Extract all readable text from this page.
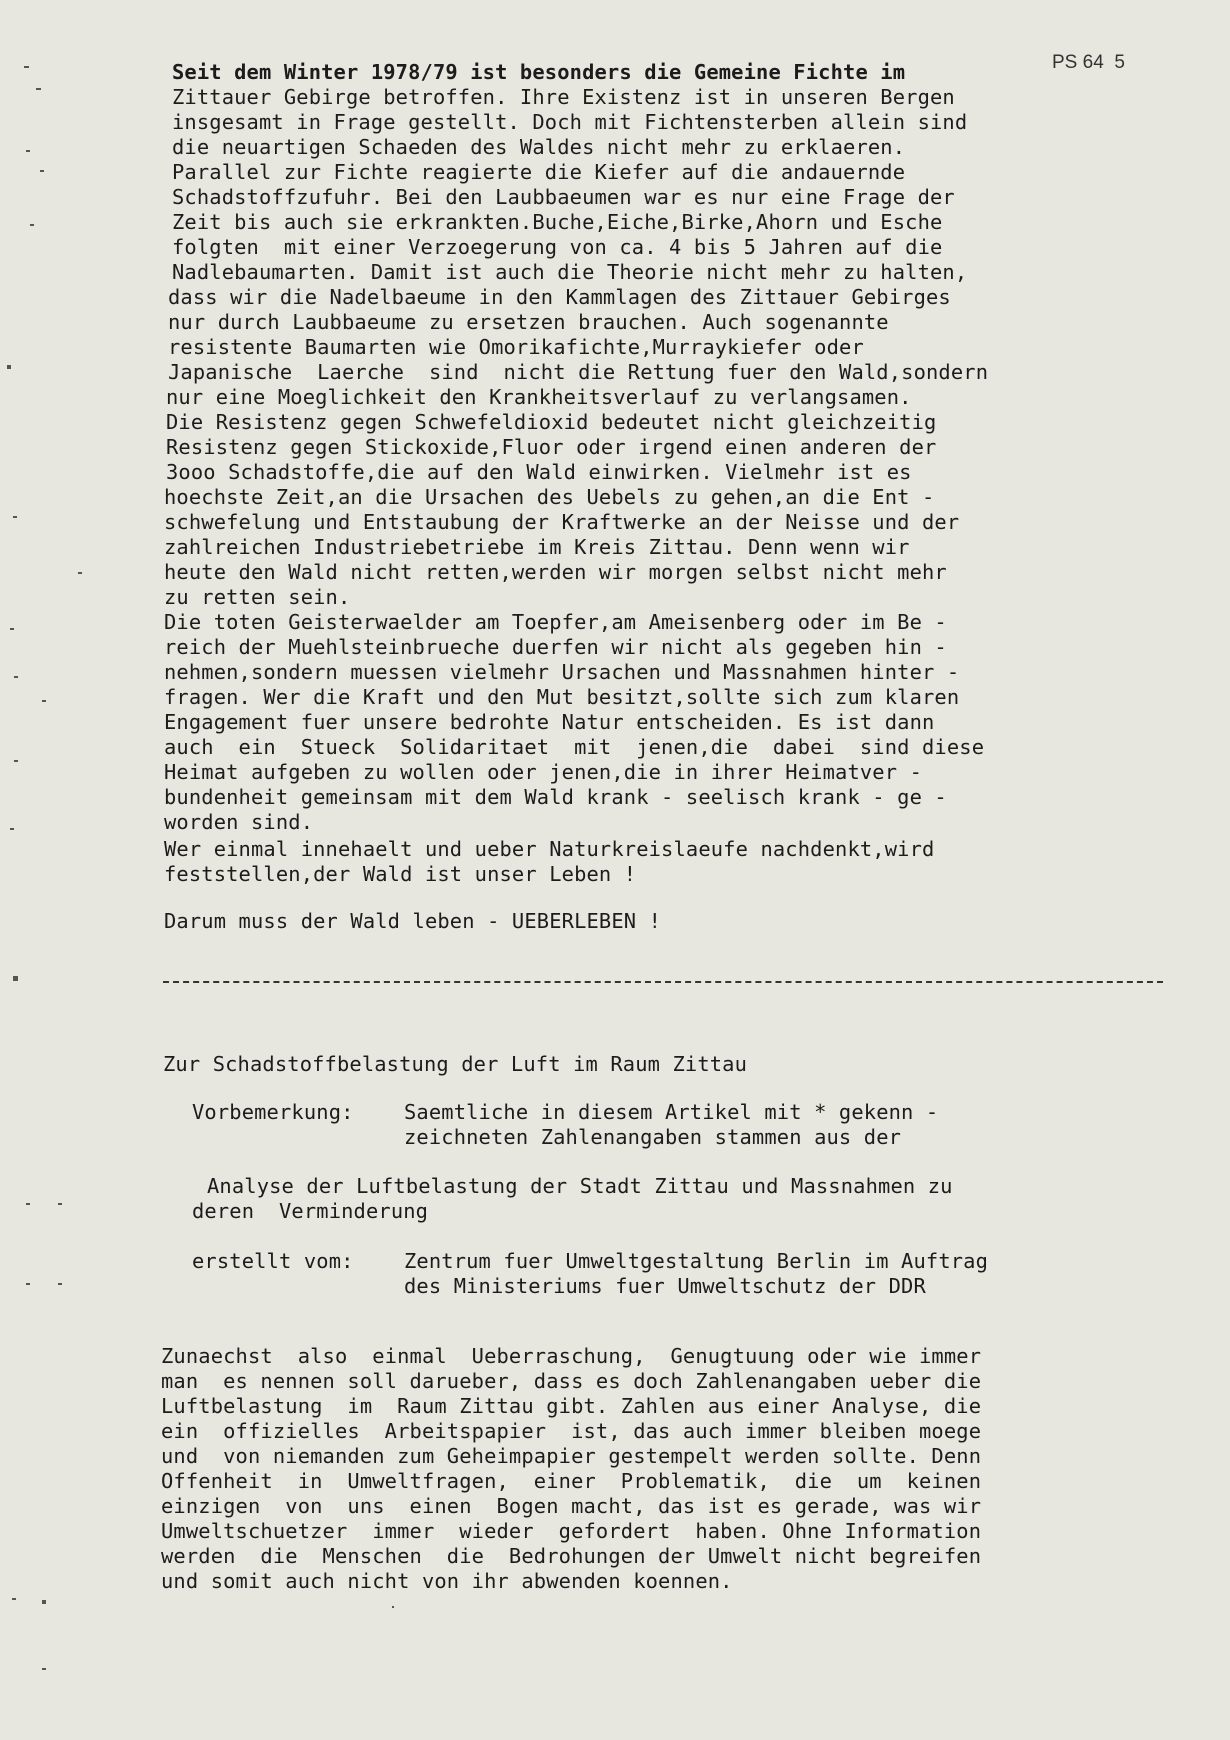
PS 64  5
Seit dem Winter 1978/79 ist besonders die Gemeine Fichte im
Zittauer Gebirge betroffen. Ihre Existenz ist in unseren Bergen
insgesamt in Frage gestellt. Doch mit Fichtensterben allein sind
die neuartigen Schaeden des Waldes nicht mehr zu erklaeren.
Parallel zur Fichte reagierte die Kiefer auf die andauernde
Schadstoffzufuhr. Bei den Laubbaeumen war es nur eine Frage der
Zeit bis auch sie erkrankten.Buche,Eiche,Birke,Ahorn und Esche
folgten  mit einer Verzoegerung von ca. 4 bis 5 Jahren auf die
Nadlebaumarten. Damit ist auch die Theorie nicht mehr zu halten,
dass wir die Nadelbaeume in den Kammlagen des Zittauer Gebirges
nur durch Laubbaeume zu ersetzen brauchen. Auch sogenannte
resistente Baumarten wie Omorikafichte,Murraykiefer oder
Japanische  Laerche  sind  nicht die Rettung fuer den Wald,sondern
nur eine Moeglichkeit den Krankheitsverlauf zu verlangsamen.
Die Resistenz gegen Schwefeldioxid bedeutet nicht gleichzeitig
Resistenz gegen Stickoxide,Fluor oder irgend einen anderen der
3ooo Schadstoffe,die auf den Wald einwirken. Vielmehr ist es
hoechste Zeit,an die Ursachen des Uebels zu gehen,an die Ent -
schwefelung und Entstaubung der Kraftwerke an der Neisse und der
zahlreichen Industriebetriebe im Kreis Zittau. Denn wenn wir
heute den Wald nicht retten,werden wir morgen selbst nicht mehr
zu retten sein.
Die toten Geisterwaelder am Toepfer,am Ameisenberg oder im Be -
reich der Muehlsteinbrueche duerfen wir nicht als gegeben hin -
nehmen,sondern muessen vielmehr Ursachen und Massnahmen hinter -
fragen. Wer die Kraft und den Mut besitzt,sollte sich zum klaren
Engagement fuer unsere bedrohte Natur entscheiden. Es ist dann
auch  ein  Stueck  Solidaritaet  mit  jenen,die  dabei  sind diese
Heimat aufgeben zu wollen oder jenen,die in ihrer Heimatver -
bundenheit gemeinsam mit dem Wald krank - seelisch krank - ge -
worden sind.
Wer einmal innehaelt und ueber Naturkreislaeufe nachdenkt,wird
feststellen,der Wald ist unser Leben !
Darum muss der Wald leben - UEBERLEBEN !
Zur Schadstoffbelastung der Luft im Raum Zittau
Vorbemerkung: Saemtliche in diesem Artikel mit * gekenn -
zeichneten Zahlenangaben stammen aus der
Analyse der Luftbelastung der Stadt Zittau und Massnahmen zu
deren  Verminderung
erstellt vom: Zentrum fuer Umweltgestaltung Berlin im Auftrag
des Ministeriums fuer Umweltschutz der DDR
Zunaechst  also  einmal  Ueberraschung,  Genugtuung oder wie immer
man  es nennen soll darueber, dass es doch Zahlenangaben ueber die
Luftbelastung  im  Raum Zittau gibt. Zahlen aus einer Analyse, die
ein  offizielles  Arbeitspapier  ist, das auch immer bleiben moege
und  von niemanden zum Geheimpapier gestempelt werden sollte. Denn
Offenheit  in  Umweltfragen,  einer  Problematik,  die  um  keinen
einzigen  von  uns  einen  Bogen macht, das ist es gerade, was wir
Umweltschuetzer  immer  wieder  gefordert  haben. Ohne Information
werden  die  Menschen  die  Bedrohungen der Umwelt nicht begreifen
und somit auch nicht von ihr abwenden koennen.
